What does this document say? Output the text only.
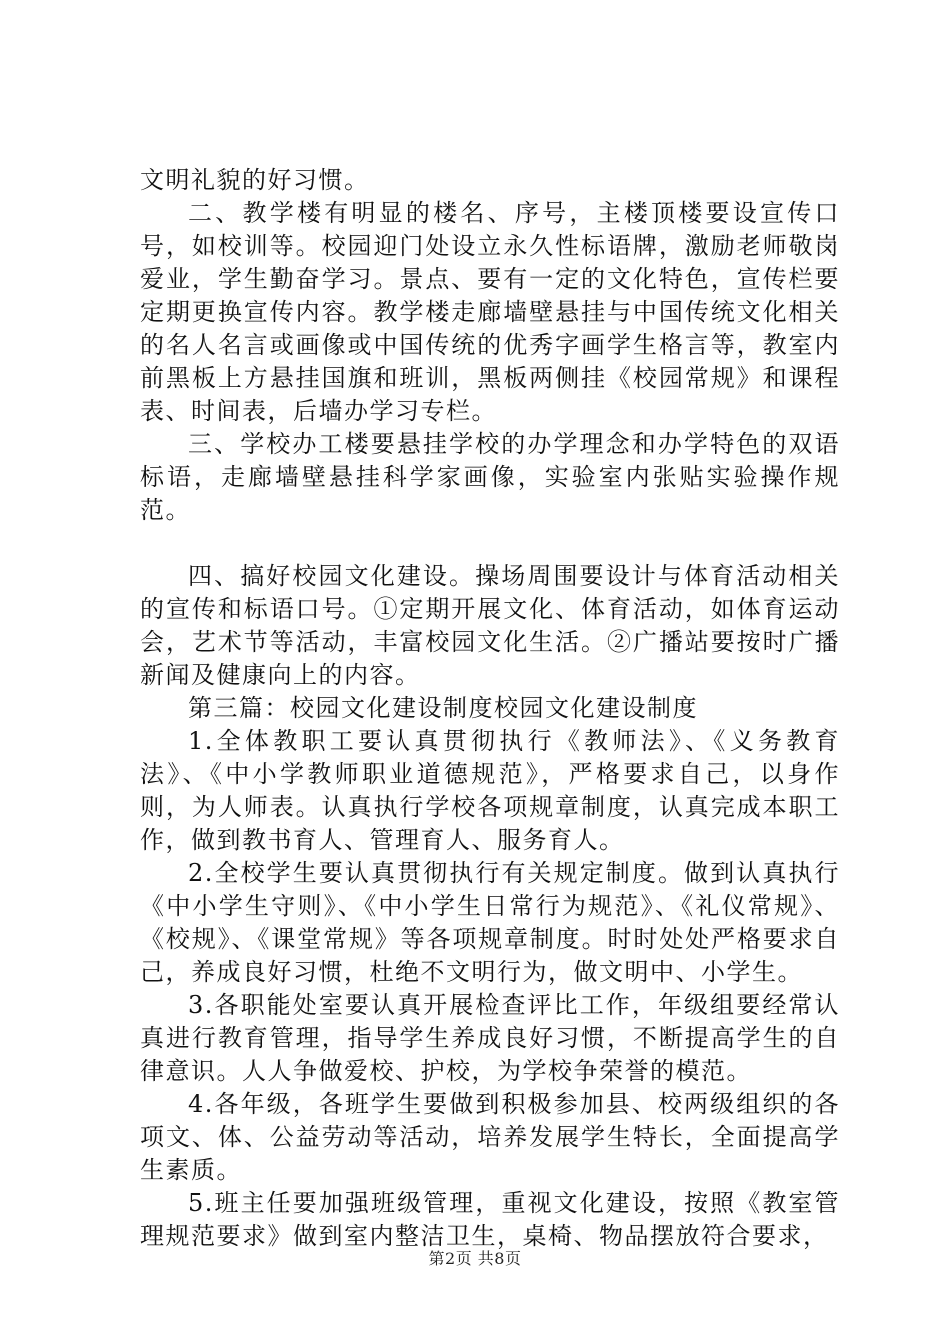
文明礼貌的好习惯。

二、教学楼有明显的楼名、序号，主楼顶楼要设宣传口号，如校训等。校园迎门处设立永久性标语牌，激励老师敬岗爱业，学生勤奋学习。景点、要有一定的文化特色，宣传栏要定期更换宣传内容。教学楼走廊墙壁悬挂与中国传统文化相关的名人名言或画像或中国传统的优秀字画学生格言等，教室内前黑板上方悬挂国旗和班训，黑板两侧挂《校园常规》和课程表、时间表，后墙办学习专栏。

三、学校办工楼要悬挂学校的办学理念和办学特色的双语标语，走廊墙壁悬挂科学家画像，实验室内张贴实验操作规范。

四、搞好校园文化建设。操场周围要设计与体育活动相关的宣传和标语口号。①定期开展文化、体育活动，如体育运动会，艺术节等活动，丰富校园文化生活。②广播站要按时广播新闻及健康向上的内容。

第三篇：校园文化建设制度校园文化建设制度

1.全体教职工要认真贯彻执行《教师法》、《义务教育法》、《中小学教师职业道德规范》，严格要求自己，以身作则，为人师表。认真执行学校各项规章制度，认真完成本职工作，做到教书育人、管理育人、服务育人。

2.全校学生要认真贯彻执行有关规定制度。做到认真执行《中小学生守则》、《中小学生日常行为规范》、《礼仪常规》、《校规》、《课堂常规》等各项规章制度。时时处处严格要求自己，养成良好习惯，杜绝不文明行为，做文明中、小学生。

3.各职能处室要认真开展检查评比工作，年级组要经常认真进行教育管理，指导学生养成良好习惯，不断提高学生的自律意识。人人争做爱校、护校，为学校争荣誉的模范。

4.各年级，各班学生要做到积极参加县、校两级组织的各项文、体、公益劳动等活动，培养发展学生特长，全面提高学生素质。

5.班主任要加强班级管理，重视文化建设，按照《教室管理规范要求》做到室内整洁卫生，桌椅、物品摆放符合要求，

第2页 共8页
